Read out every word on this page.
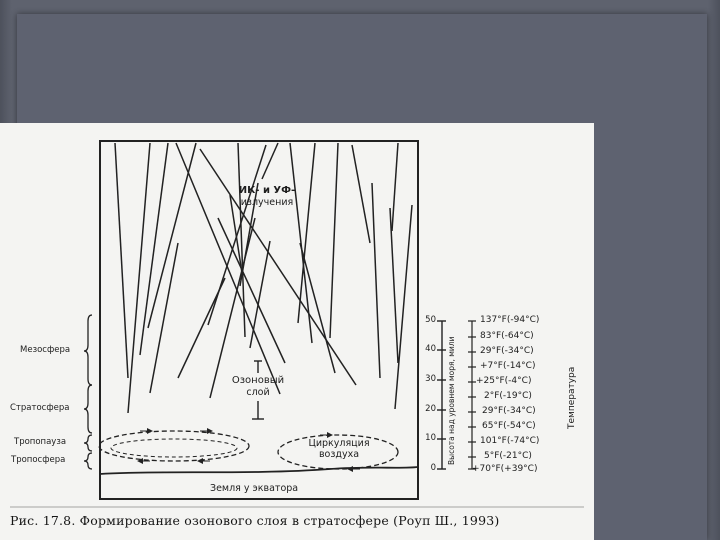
ИК- и УФ-
излучения
Озоновый
слой
Циркуляция
воздуха
Земля у экватора
Мезосфера
Стратосфера
Тропопауза
Тропосфера
50
40
30
20
10
0
Высота над уровнем моря, мили
137°F(-94°C)
83°F(-64°C)
29°F(-34°C)
+7°F(-14°C)
+25°F(-4°C)
2°F(-19°C)
29°F(-34°C)
65°F(-54°C)
101°F(-74°C)
5°F(-21°C)
+70°F(+39°C)
Температура
Рис. 17.8. Формирование озонового слоя в стратосфере (Роуп Ш., 1993)
